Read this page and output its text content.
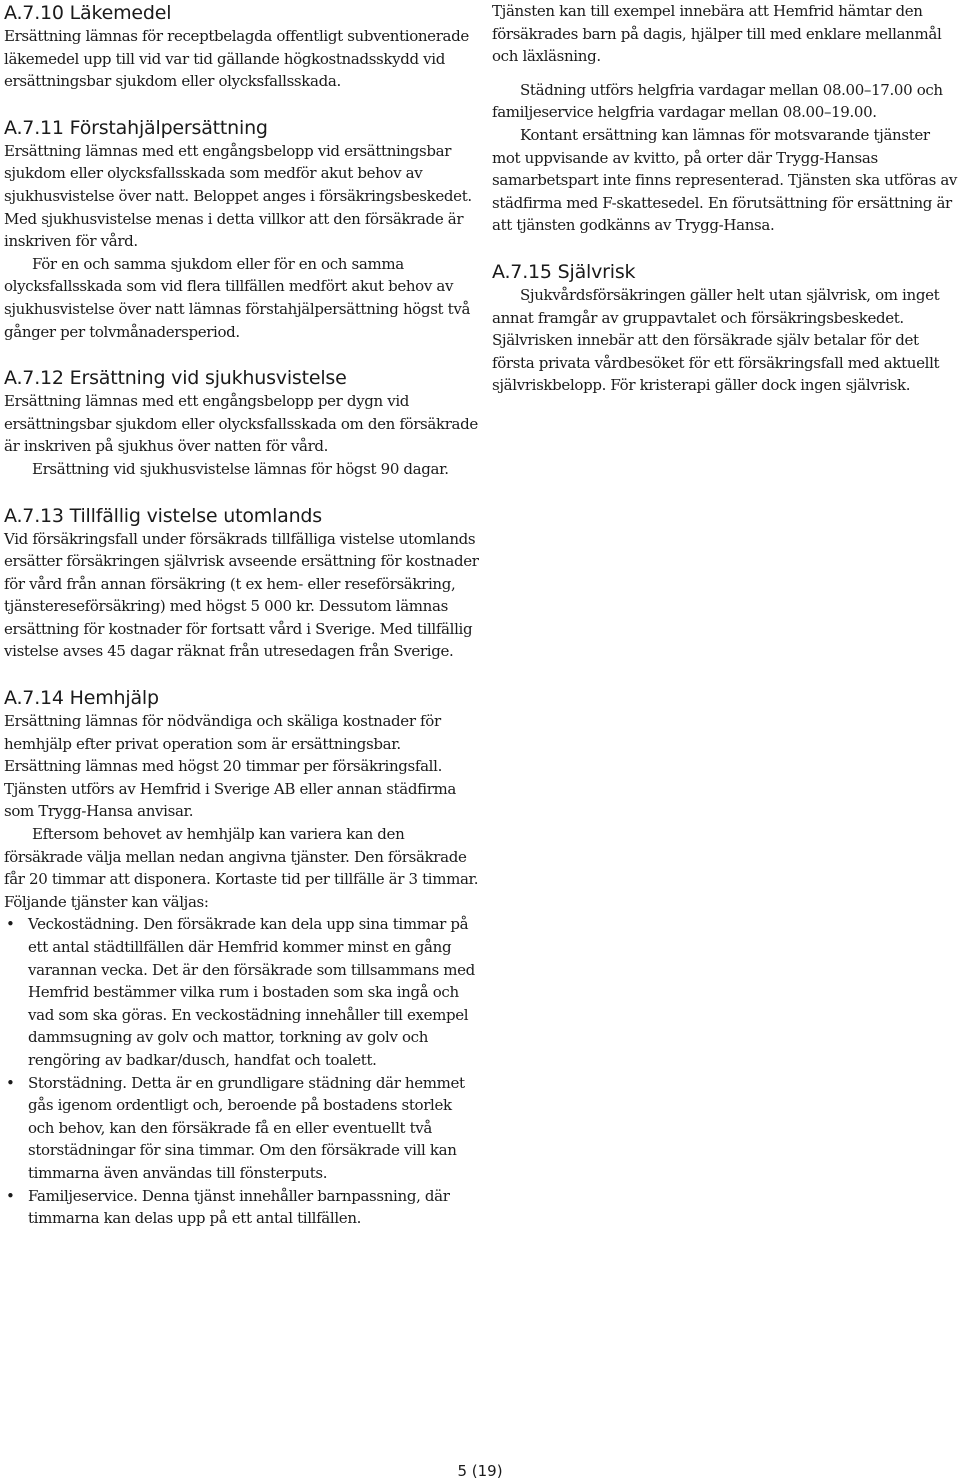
A.7.10 Läkemedel

Ersättning lämnas för receptbelagda offentligt subventionerade läkemedel upp till vid var tid gällande högkostnadsskydd vid ersättningsbar sjukdom eller olycksfallsskada.

A.7.11 Förstahjälpersättning

Ersättning lämnas med ett engångsbelopp vid ersättningsbar sjukdom eller olycksfallsskada som medför akut behov av sjukhusvistelse över natt. Beloppet anges i försäkringsbeskedet. Med sjukhusvistelse menas i detta villkor att den försäkrade är inskriven för vård.

För en och samma sjukdom eller för en och samma olycksfallsskada som vid flera tillfällen medfört akut behov av sjukhusvistelse över natt lämnas förstahjälpersättning högst två gånger per tolvmånadersperiod.

A.7.12 Ersättning vid sjukhusvistelse

Ersättning lämnas med ett engångsbelopp per dygn vid ersättningsbar sjukdom eller olycksfallsskada om den försäkrade är inskriven på sjukhus över natten för vård.

Ersättning vid sjukhusvistelse lämnas för högst 90 dagar.

A.7.13 Tillfällig vistelse utomlands

Vid försäkringsfall under försäkrads tillfälliga vistelse utomlands ersätter försäkringen självrisk avseende ersättning för kostnader för vård från annan försäkring (t ex hem- eller reseförsäkring, tjänstereseförsäkring) med högst 5 000 kr. Dessutom lämnas ersättning för kostnader för fortsatt vård i Sverige. Med tillfällig vistelse avses 45 dagar räknat från utresedagen från Sverige.

A.7.14 Hemhjälp

Ersättning lämnas för nödvändiga och skäliga kostnader för hemhjälp efter privat operation som är ersättningsbar. Ersättning lämnas med högst 20 timmar per försäkringsfall. Tjänsten utförs av Hemfrid i Sverige AB eller annan städfirma som Trygg-Hansa anvisar.

Eftersom behovet av hemhjälp kan variera kan den försäkrade välja mellan nedan angivna tjänster. Den försäkrade får 20 timmar att disponera. Kortaste tid per tillfälle är 3 timmar. Följande tjänster kan väljas:

• Veckostädning. Den försäkrade kan dela upp sina timmar på ett antal städtillfällen där Hemfrid kommer minst en gång varannan vecka. Det är den försäkrade som tillsammans med Hemfrid bestämmer vilka rum i bostaden som ska ingå och vad som ska göras. En veckostädning innehåller till exempel dammsugning av golv och mattor, torkning av golv och rengöring av badkar/dusch, handfat och toalett.
• Storstädning. Detta är en grundligare städning där hemmet gås igenom ordentligt och, beroende på bostadens storlek och behov, kan den försäkrade få en eller eventuellt två storstädningar för sina timmar. Om den försäkrade vill kan timmarna även användas till fönsterputs.
• Familjeservice. Denna tjänst innehåller barnpassning, där timmarna kan delas upp på ett antal tillfällen.

Tjänsten kan till exempel innebära att Hemfrid hämtar den försäkrades barn på dagis, hjälper till med enklare mellanmål och läxläsning.

Städning utförs helgfria vardagar mellan 08.00–17.00 och familjeservice helgfria vardagar mellan 08.00–19.00.

Kontant ersättning kan lämnas för motsvarande tjänster mot uppvisande av kvitto, på orter där Trygg-Hansas samarbetspart inte finns representerad. Tjänsten ska utföras av städfirma med F-skattesedel. En förutsättning för ersättning är att tjänsten godkänns av Trygg-Hansa.

A.7.15 Självrisk

Sjukvårdsförsäkringen gäller helt utan självrisk, om inget annat framgår av gruppavtalet och försäkringsbeskedet. Självrisken innebär att den försäkrade själv betalar för det första privata vårdbesöket för ett försäkringsfall med aktuellt självriskbelopp. För kristerapi gäller dock ingen självrisk.

5 (19)
